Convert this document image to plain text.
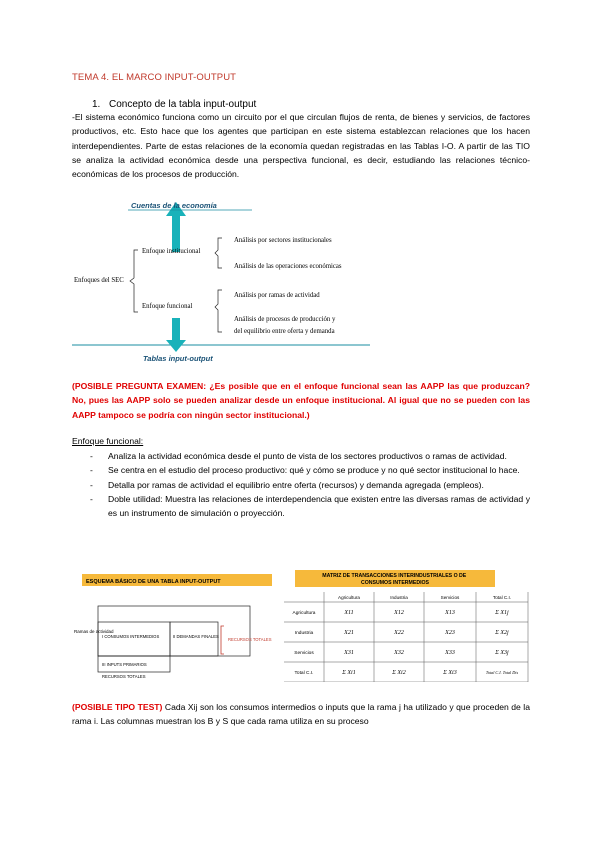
TEMA 4. EL MARCO INPUT-OUTPUT
1. Concepto de la tabla input-output
-El sistema económico funciona como un circuito por el que circulan flujos de renta, de bienes y servicios, de factores productivos, etc. Esto hace que los agentes que participan en este sistema establezcan relaciones que los hacen interdependientes. Parte de estas relaciones de la economía quedan registradas en las Tablas I-O. A partir de las TIO se analiza la actividad económica desde una perspectiva funcional, es decir, estudiando las relaciones técnico-económicas de los procesos de producción.
Cuentas de la economía
Tablas input-output
Enfoques del SEC
Enfoque institucional
Enfoque funcional
Análisis por sectores institucionales
Análisis de las operaciones económicas
Análisis por ramas de actividad
Análisis de procesos de producción y
del equilibrio entre oferta y demanda
(POSIBLE PREGUNTA EXAMEN: ¿Es posible que en el enfoque funcional sean las AAPP las que produzcan? No, pues las AAPP solo se pueden analizar desde un enfoque institucional. Al igual que no se pueden con las AAPP tampoco se podría con ningún sector institucional.)
Enfoque funcional:
- Analiza la actividad económica desde el punto de vista de los sectores productivos o ramas de actividad.
- Se centra en el estudio del proceso productivo: qué y cómo se produce y no qué sector institucional lo hace.
- Detalla por ramas de actividad el equilibrio entre oferta (recursos) y demanda agregada (empleos).
- Doble utilidad: Muestra las relaciones de interdependencia que existen entre las diversas ramas de actividad y es un instrumento de simulación o proyección.
ESQUEMA BÁSICO DE UNA TABLA INPUT-OUTPUT
Ramas de actividad
I CONSUMOS INTERMEDIOS	II DEMANDAS FINALES
RECURSOS TOTALES
III INPUTS PRIMARIOS
RECURSOS TOTALES
MATRIZ DE TRANSACCIONES INTERINDUSTRIALES O DE CONSUMOS INTERMEDIOS
Agricultura	Industria	Servicios	Total C.I.
Agricultura	X11	X12	X13	Σ X1j
Industria	X21	X22	X23	Σ X2j
Servicios	X31	X32	X33	Σ X3j
Total C.I.	Σ Xi1	Σ Xi2	Σ Xi3	Total C.I. Total Dis
(POSIBLE TIPO TEST) Cada Xij son los consumos intermedios o inputs que la rama j ha utilizado y que proceden de la rama i. Las columnas muestran los B y S que cada rama utiliza en su proceso
